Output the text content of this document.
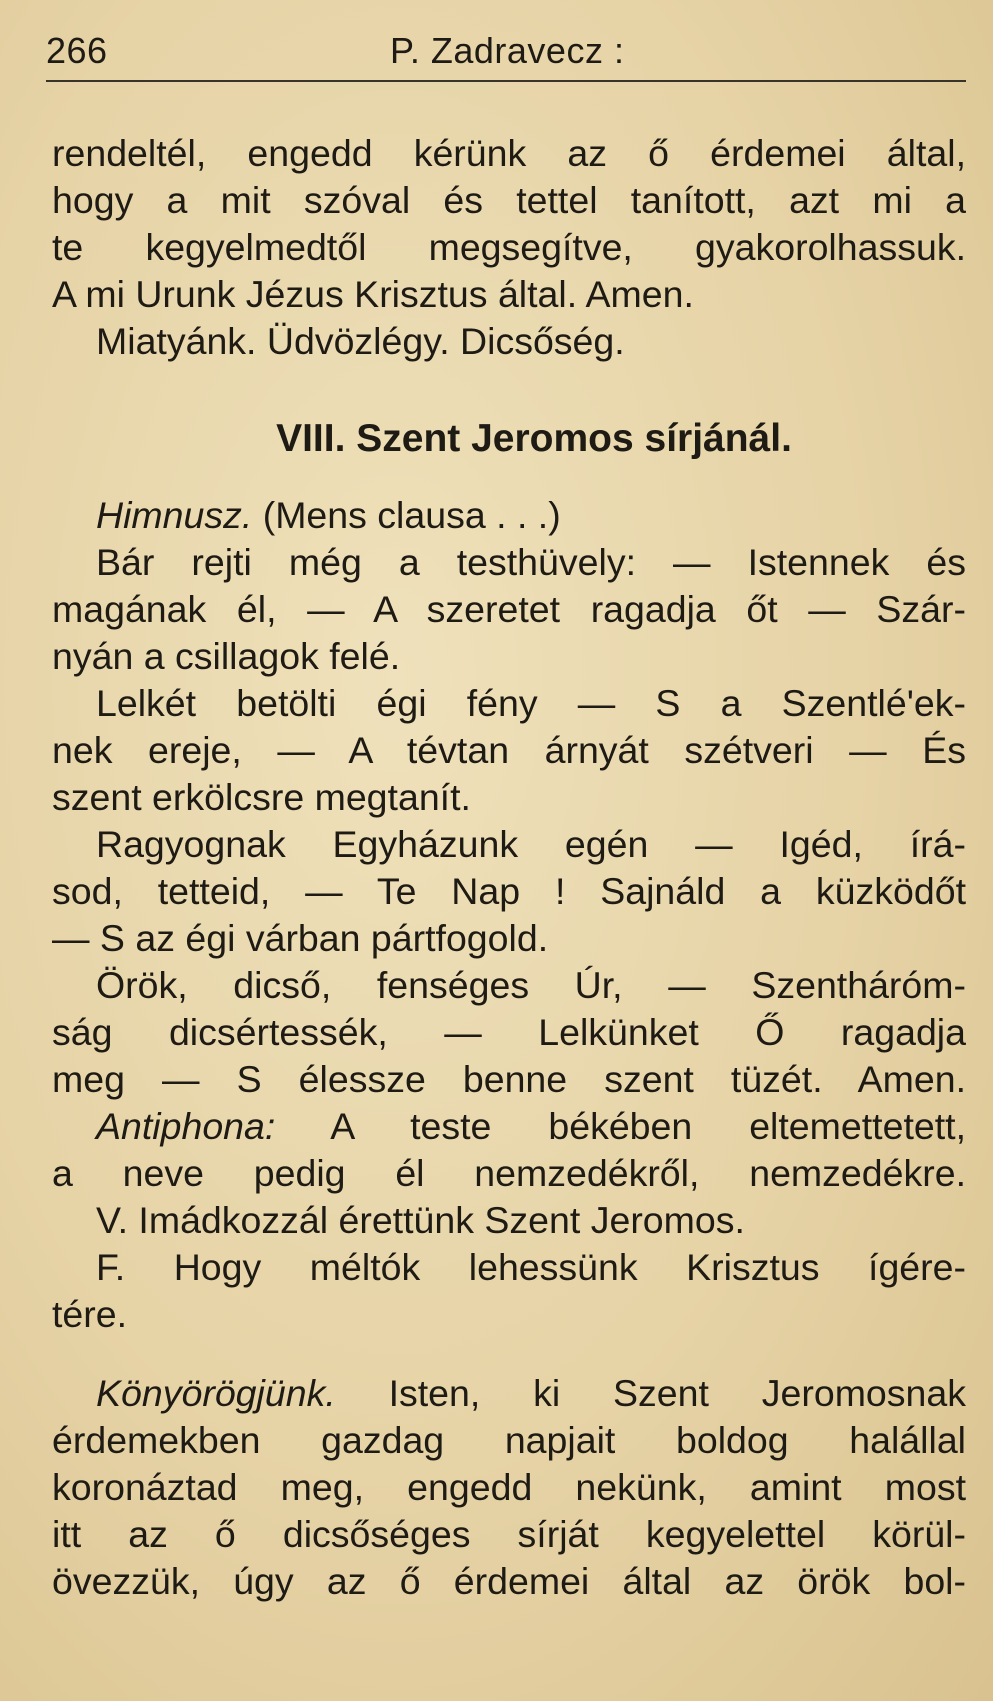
266	P. Zadravecz :
rendeltél, engedd kérünk az ő érdemei által,
hogy a mit szóval és tettel tanított, azt mi a
te kegyelmedtől megsegítve, gyakorolhassuk.
A mi Urunk Jézus Krisztus által. Amen.
Miatyánk. Üdvözlégy. Dicsőség.
VIII. Szent Jeromos sírjánál.
Himnusz. (Mens clausa . . .)
Bár rejti még a testhüvely: — Istennek és
magának él, — A szeretet ragadja őt — Szár-
nyán a csillagok felé.
Lelkét betölti égi fény — S a Szentlé'ek-
nek ereje, — A tévtan árnyát szétveri — És
szent erkölcsre megtanít.
Ragyognak Egyházunk egén — Igéd, írá-
sod, tetteid, — Te Nap ! Sajnáld a küzködőt
— S az égi várban pártfogold.
Örök, dicső, fenséges Úr, — Szentháróm-
ság dicsértessék, — Lelkünket Ő ragadja
meg — S élessze benne szent tüzét. Amen.
Antiphona: A teste békében eltemettetett,
a neve pedig él nemzedékről, nemzedékre.
V. Imádkozzál érettünk Szent Jeromos.
F. Hogy méltók lehessünk Krisztus ígére-
tére.
Könyörögjünk. Isten, ki Szent Jeromosnak
érdemekben gazdag napjait boldog halállal
koronáztad meg, engedd nekünk, amint most
itt az ő dicsőséges sírját kegyelettel körül-
övezzük, úgy az ő érdemei által az örök bol-
